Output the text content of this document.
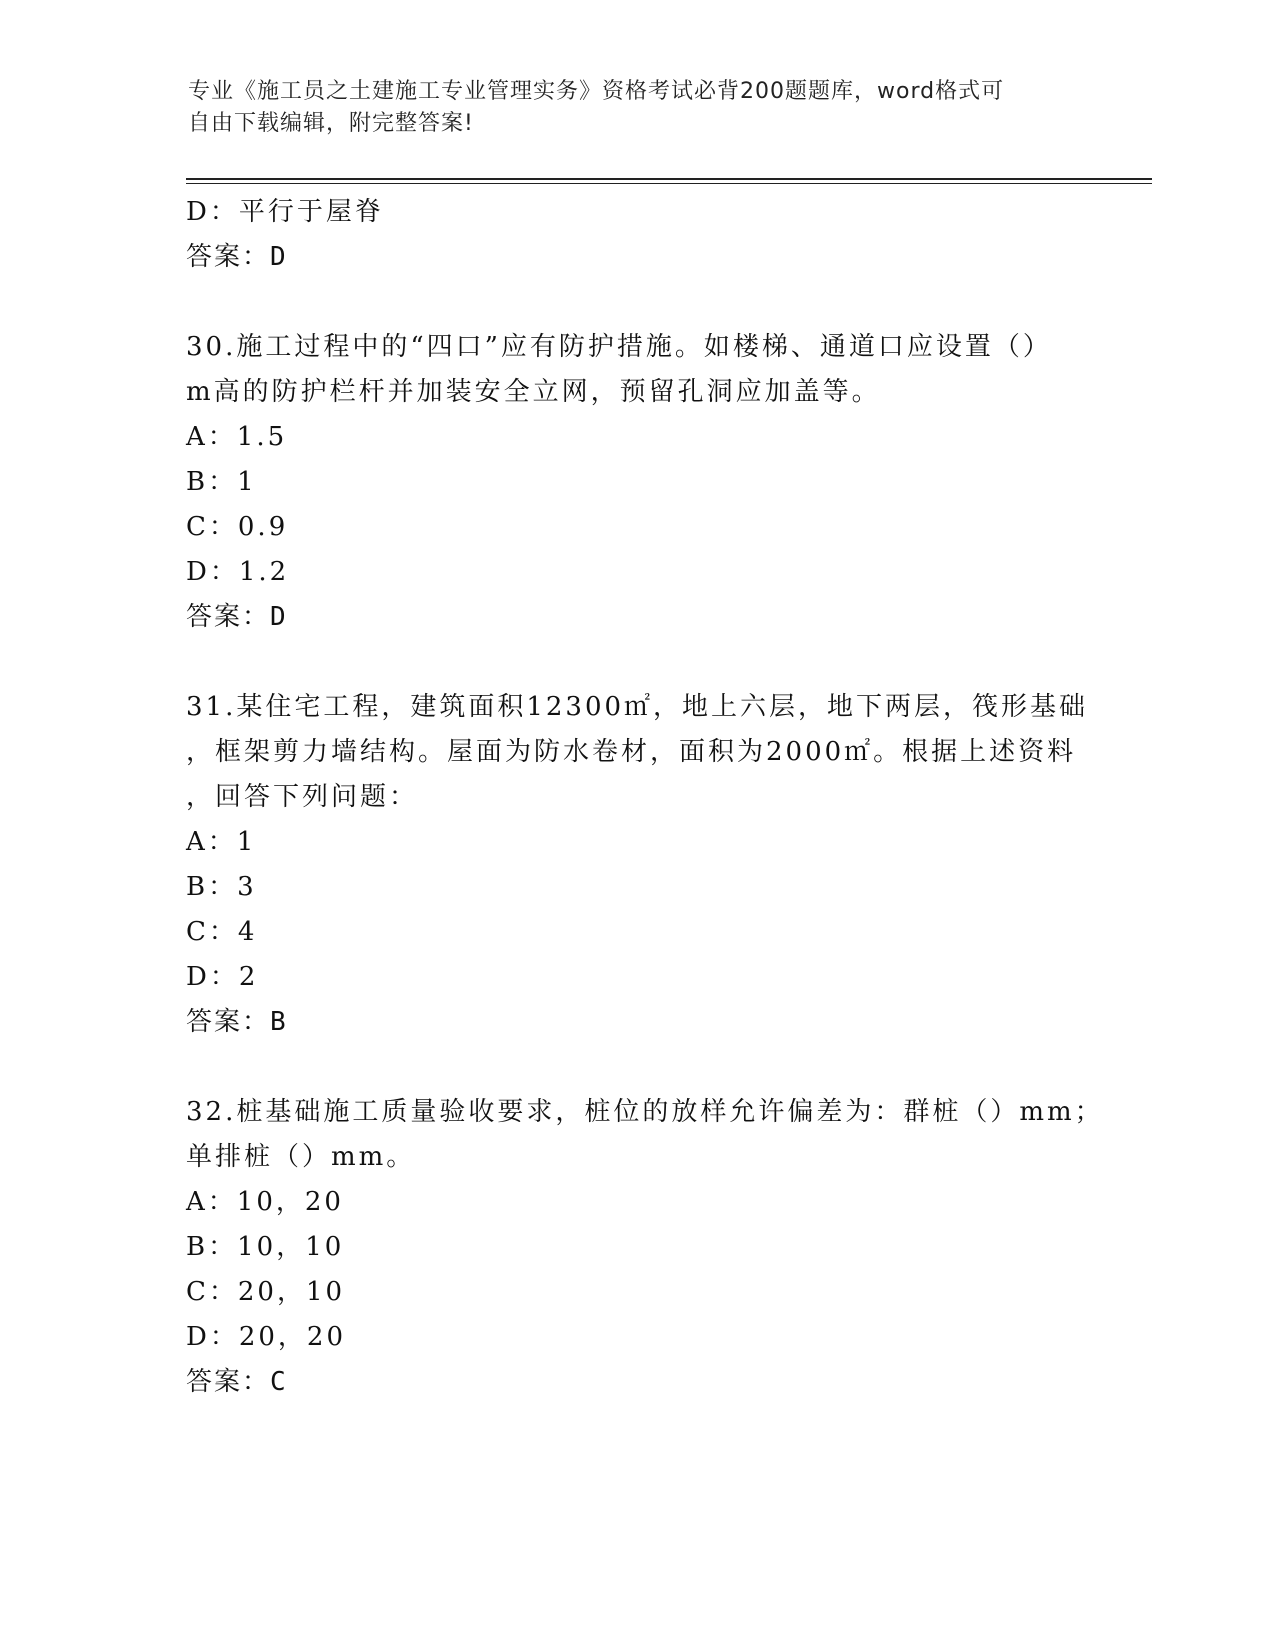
专业《施工员之土建施工专业管理实务》资格考试必背200题题库，word格式可
自由下载编辑，附完整答案!
D：平行于屋脊
答案：D
30.施工过程中的“四口”应有防护措施。如楼梯、通道口应设置（）
m高的防护栏杆并加装安全立网，预留孔洞应加盖等。
A：1.5
B：1
C：0.9
D：1.2
答案：D
31.某住宅工程，建筑面积12300㎡，地上六层，地下两层，筏形基础
，框架剪力墙结构。屋面为防水卷材，面积为2000㎡。根据上述资料
，回答下列问题：
A：1
B：3
C：4
D：2
答案：B
32.桩基础施工质量验收要求，桩位的放样允许偏差为：群桩（）mm；
单排桩（）mm。
A：10，20
B：10，10
C：20，10
D：20，20
答案：C
